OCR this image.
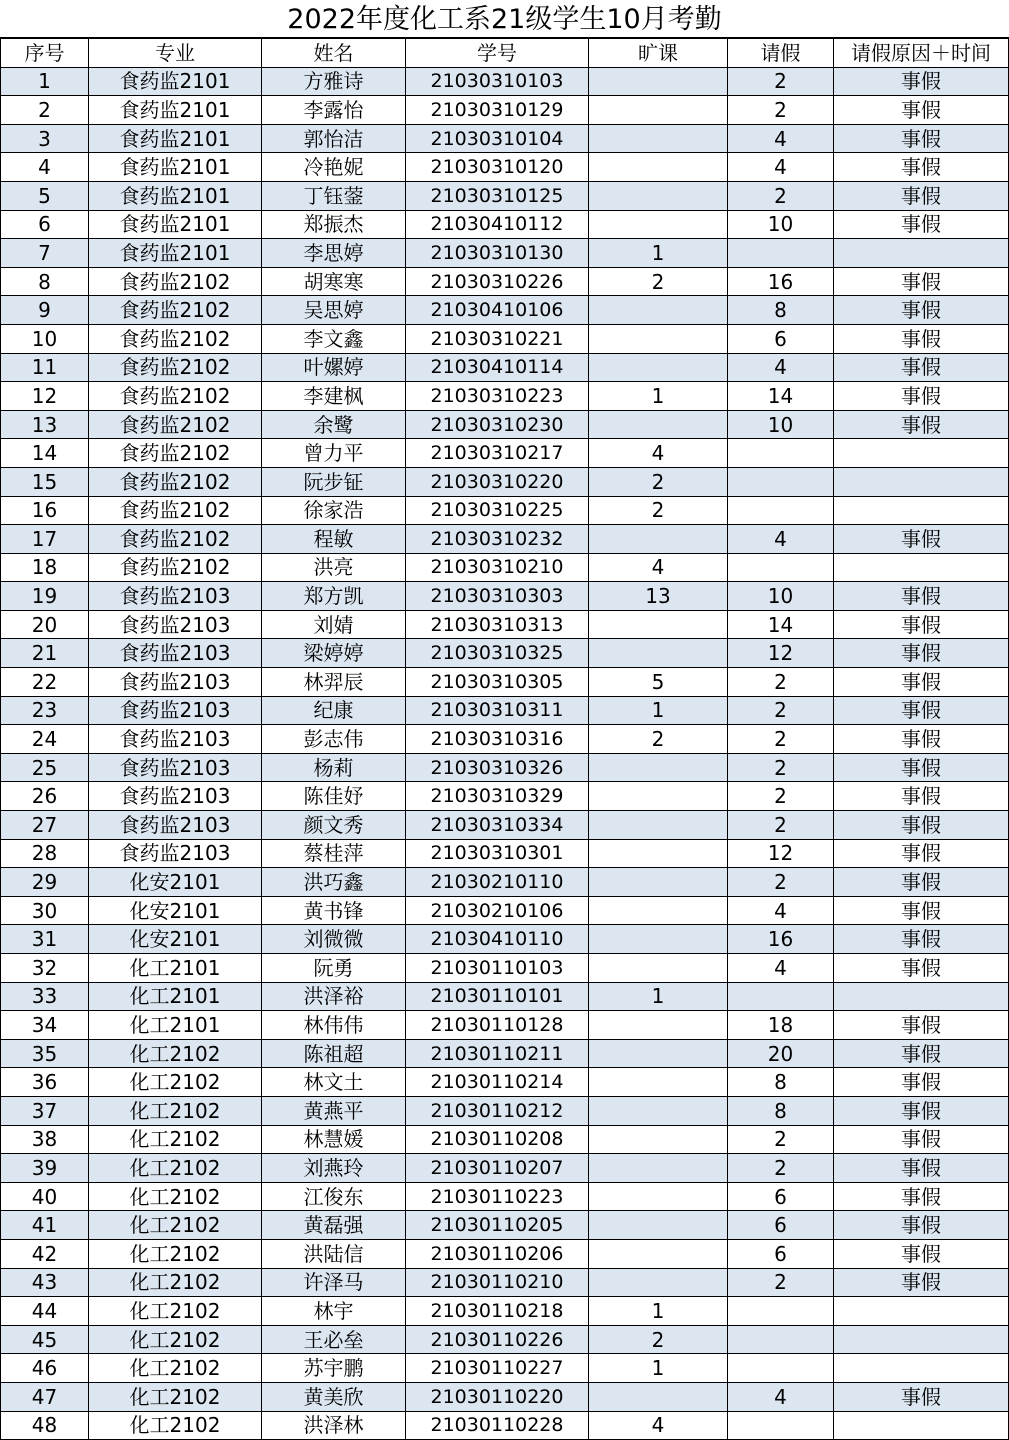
2022年度化工系21级学生10月考勤
序号	专业	姓名	学号	旷课	请假	请假原因＋时间
1	食药监2101	方雅诗	21030310103		2	事假
2	食药监2101	李露怡	21030310129		2	事假
3	食药监2101	郭怡洁	21030310104		4	事假
4	食药监2101	冷艳妮	21030310120		4	事假
5	食药监2101	丁钰蓥	21030310125		2	事假
6	食药监2101	郑振杰	21030410112		10	事假
7	食药监2101	李思婷	21030310130	1		
8	食药监2102	胡寒寒	21030310226	2	16	事假
9	食药监2102	吴思婷	21030410106		8	事假
10	食药监2102	李文鑫	21030310221		6	事假
11	食药监2102	叶嫘婷	21030410114		4	事假
12	食药监2102	李建枫	21030310223	1	14	事假
13	食药监2102	余鹭	21030310230		10	事假
14	食药监2102	曾力平	21030310217	4		
15	食药监2102	阮步钲	21030310220	2		
16	食药监2102	徐家浩	21030310225	2		
17	食药监2102	程敏	21030310232		4	事假
18	食药监2102	洪亮	21030310210	4		
19	食药监2103	郑方凯	21030310303	13	10	事假
20	食药监2103	刘婧	21030310313		14	事假
21	食药监2103	梁婷婷	21030310325		12	事假
22	食药监2103	林羿辰	21030310305	5	2	事假
23	食药监2103	纪康	21030310311	1	2	事假
24	食药监2103	彭志伟	21030310316	2	2	事假
25	食药监2103	杨莉	21030310326		2	事假
26	食药监2103	陈佳妤	21030310329		2	事假
27	食药监2103	颜文秀	21030310334		2	事假
28	食药监2103	蔡桂萍	21030310301		12	事假
29	化安2101	洪巧鑫	21030210110		2	事假
30	化安2101	黄书锋	21030210106		4	事假
31	化安2101	刘微微	21030410110		16	事假
32	化工2101	阮勇	21030110103		4	事假
33	化工2101	洪泽裕	21030110101	1		
34	化工2101	林伟伟	21030110128		18	事假
35	化工2102	陈祖超	21030110211		20	事假
36	化工2102	林文土	21030110214		8	事假
37	化工2102	黄燕平	21030110212		8	事假
38	化工2102	林慧媛	21030110208		2	事假
39	化工2102	刘燕玲	21030110207		2	事假
40	化工2102	江俊东	21030110223		6	事假
41	化工2102	黄磊强	21030110205		6	事假
42	化工2102	洪陆信	21030110206		6	事假
43	化工2102	许泽马	21030110210		2	事假
44	化工2102	林宇	21030110218	1		
45	化工2102	王必垒	21030110226	2		
46	化工2102	苏宇鹏	21030110227	1		
47	化工2102	黄美欣	21030110220		4	事假
48	化工2102	洪泽林	21030110228	4		
